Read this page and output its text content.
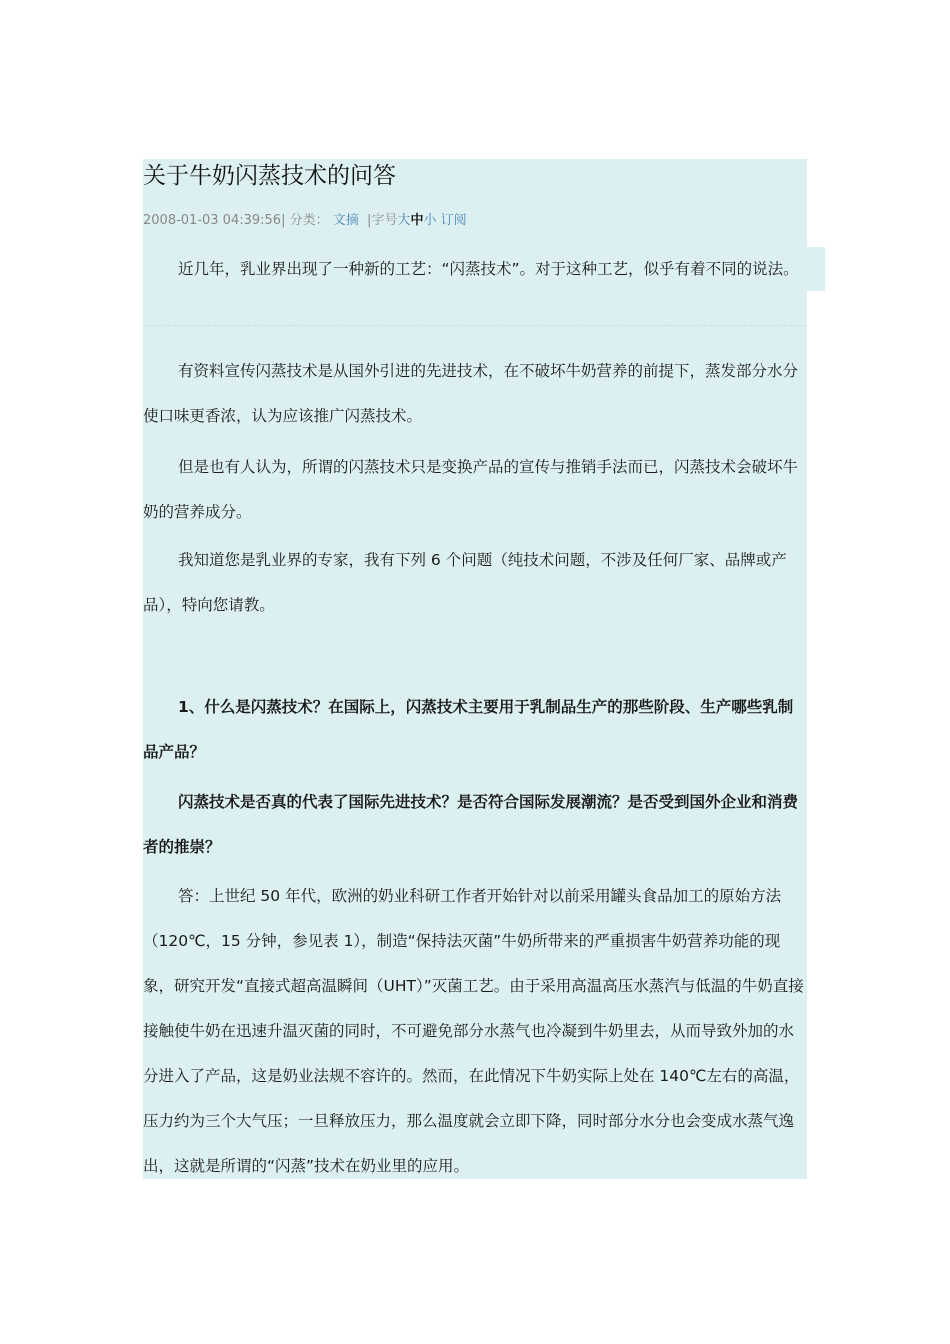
关于牛奶闪蒸技术的问答
2008-01-03 04:39:56| 分类： 文摘 |字号大中小 订阅

近几年，乳业界出现了一种新的工艺：“闪蒸技术”。对于这种工艺，似乎有着不同的说法。

有资料宣传闪蒸技术是从国外引进的先进技术，在不破坏牛奶营养的前提下，蒸发部分水分使口味更香浓，认为应该推广闪蒸技术。

但是也有人认为，所谓的闪蒸技术只是变换产品的宣传与推销手法而已，闪蒸技术会破坏牛奶的营养成分。

我知道您是乳业界的专家，我有下列 6 个问题（纯技术问题，不涉及任何厂家、品牌或产品），特向您请教。

1、什么是闪蒸技术？在国际上，闪蒸技术主要用于乳制品生产的那些阶段、生产哪些乳制品产品？

闪蒸技术是否真的代表了国际先进技术？是否符合国际发展潮流？是否受到国外企业和消费者的推崇？

答：上世纪 50 年代，欧洲的奶业科研工作者开始针对以前采用罐头食品加工的原始方法（120℃，15 分钟，参见表 1），制造“保持法灭菌”牛奶所带来的严重损害牛奶营养功能的现象，研究开发“直接式超高温瞬间（UHT）”灭菌工艺。由于采用高温高压水蒸汽与低温的牛奶直接接触使牛奶在迅速升温灭菌的同时，不可避免部分水蒸气也冷凝到牛奶里去，从而导致外加的水分进入了产品，这是奶业法规不容许的。然而，在此情况下牛奶实际上处在 140℃左右的高温，压力约为三个大气压；一旦释放压力，那么温度就会立即下降，同时部分水分也会变成水蒸气逸出，这就是所谓的“闪蒸”技术在奶业里的应用。
